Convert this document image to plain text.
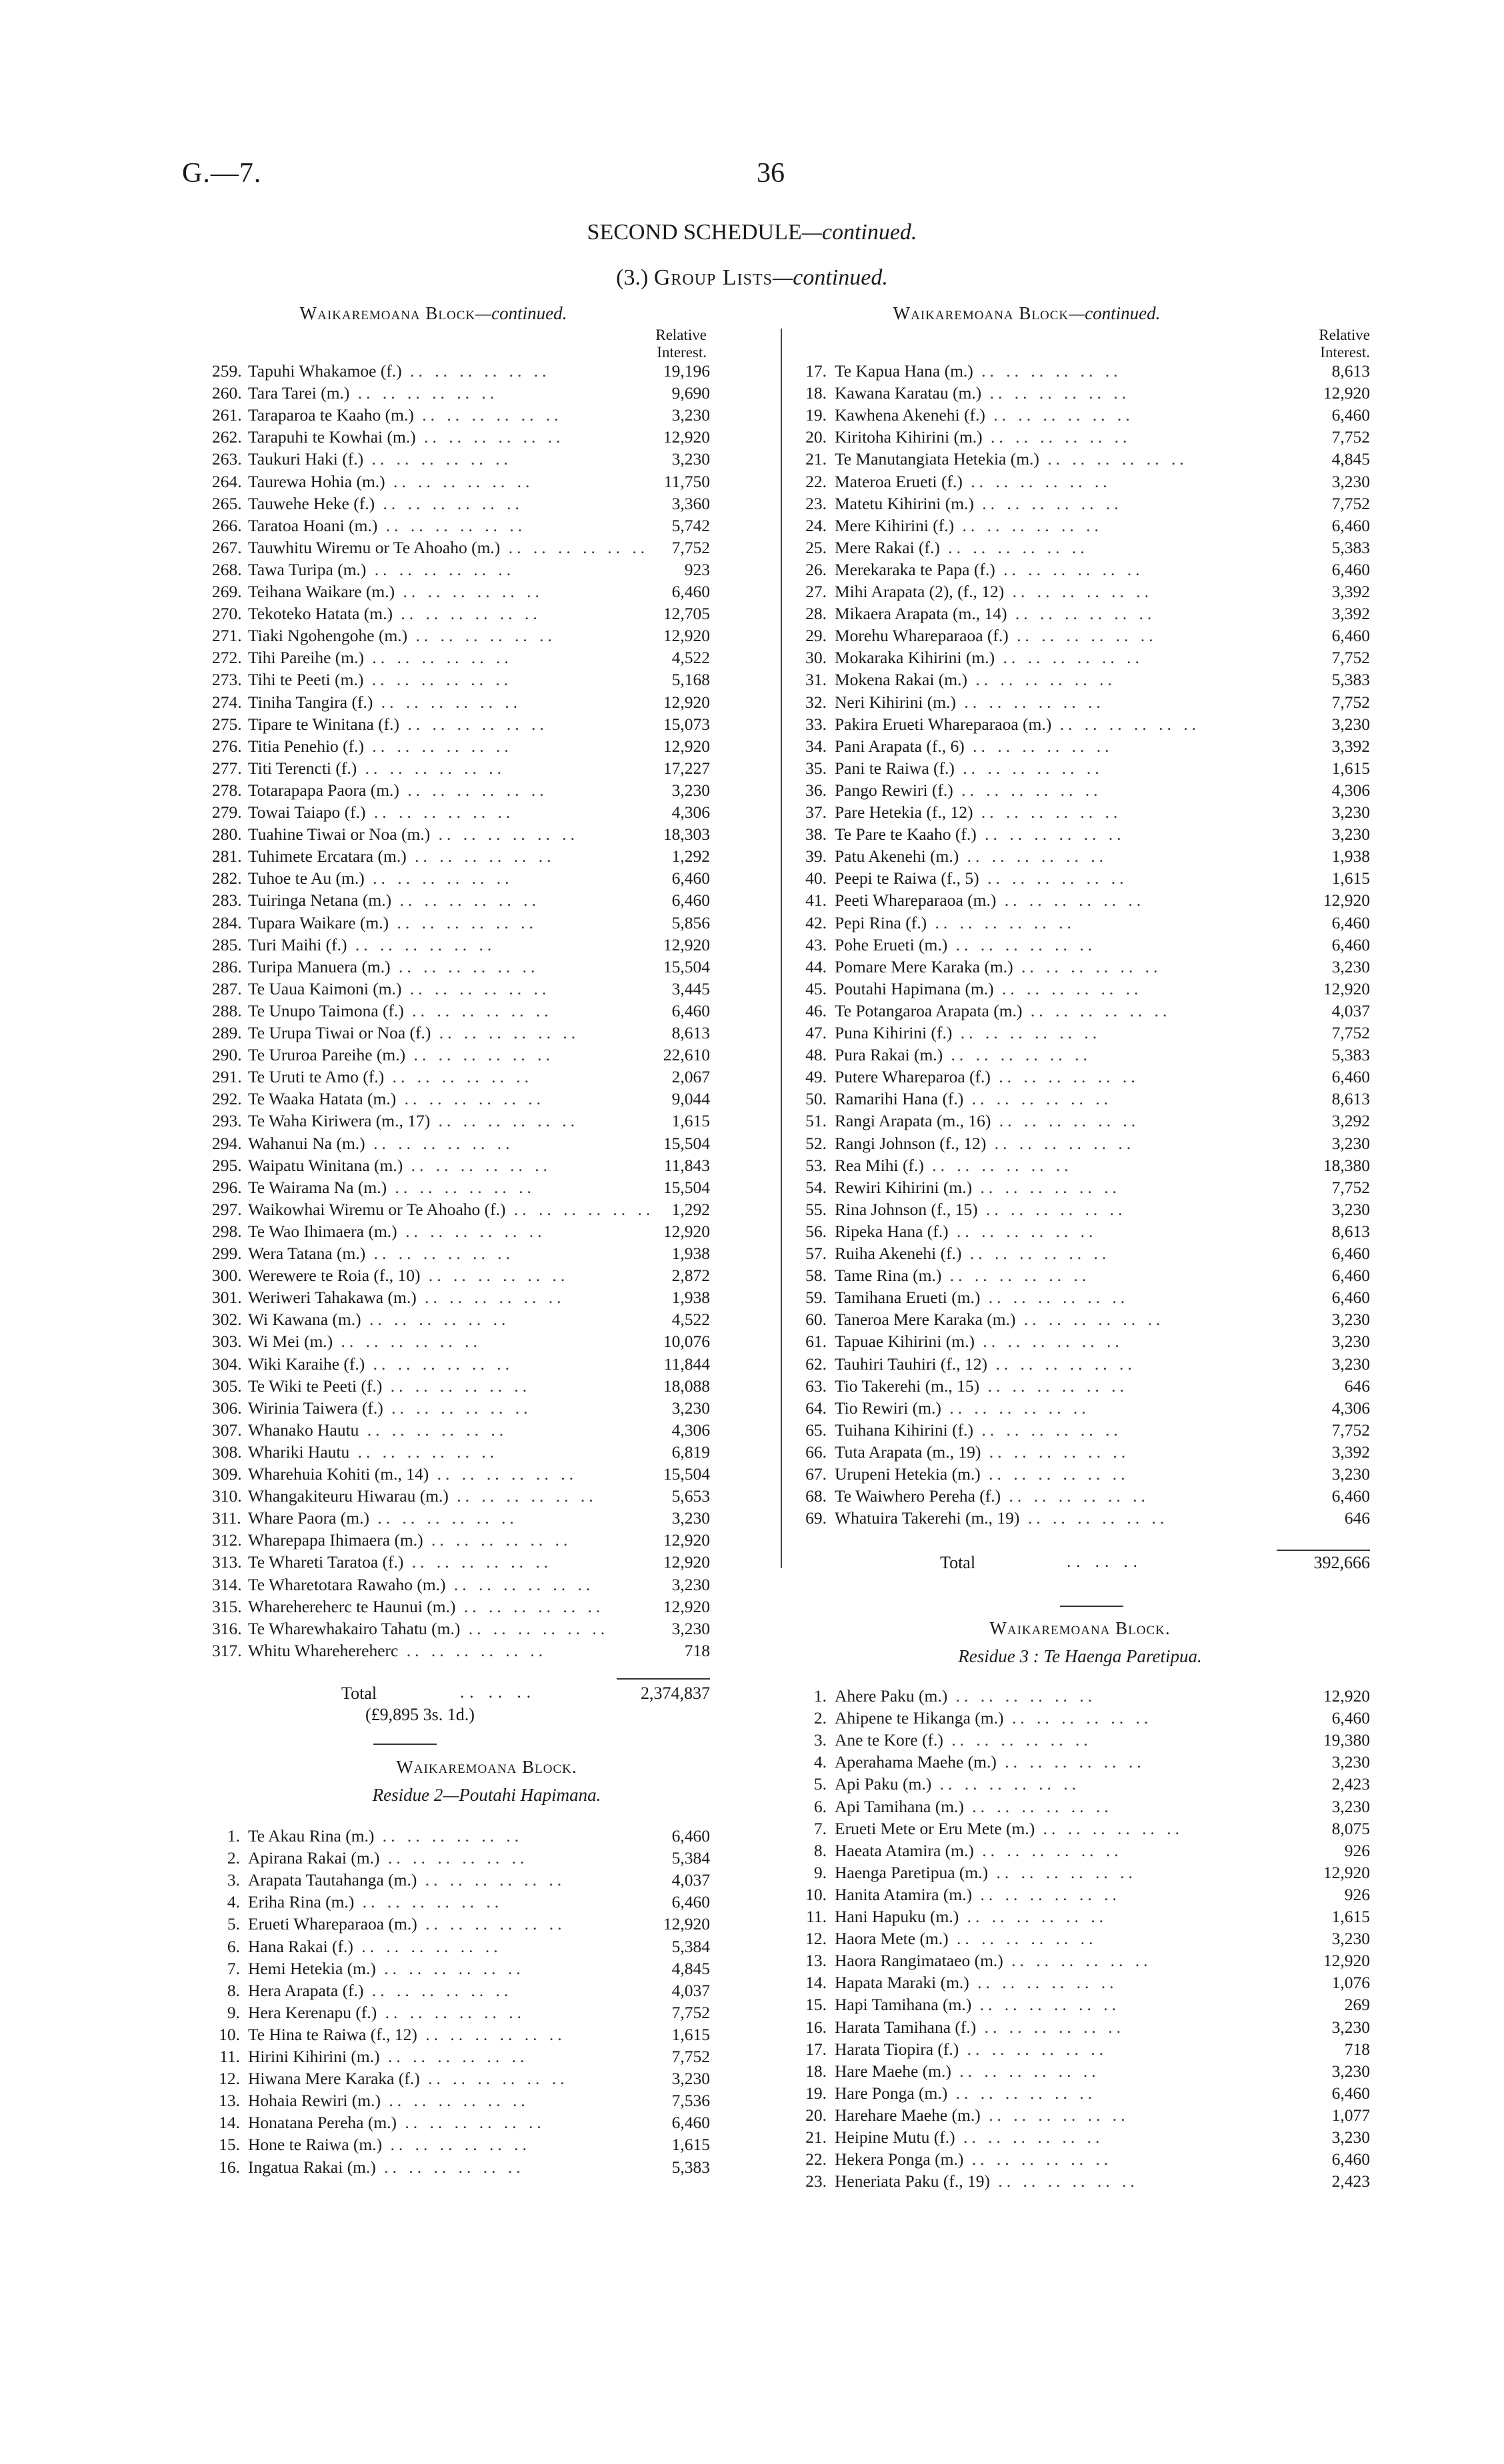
G.—7.	36
SECOND SCHEDULE—continued.
(3.) Group Lists—continued.
Waikaremoana Block—continued.
Relative
Interest.
Waikaremoana Block—continued.
Relative
Interest.
259. Tapuhi Whakamoe (f.) .. .. .. .. .. ..	19,196
260. Tara Tarei (m.) .. .. .. .. .. ..	9,690
261. Taraparoa te Kaaho (m.) .. .. .. .. .. ..	3,230
262. Tarapuhi te Kowhai (m.) .. .. .. .. .. ..	12,920
263. Taukuri Haki (f.) .. .. .. .. .. ..	3,230
264. Taurewa Hohia (m.) .. .. .. .. .. ..	11,750
265. Tauwehe Heke (f.) .. .. .. .. .. ..	3,360
266. Taratoa Hoani (m.) .. .. .. .. .. ..	5,742
267. Tauwhitu Wiremu or Te Ahoaho (m.) .. .. .. .. .. ..	7,752
268. Tawa Turipa (m.) .. .. .. .. .. ..	923
269. Teihana Waikare (m.) .. .. .. .. .. ..	6,460
270. Tekoteko Hatata (m.) .. .. .. .. .. ..	12,705
271. Tiaki Ngohengohe (m.) .. .. .. .. .. ..	12,920
272. Tihi Pareihe (m.) .. .. .. .. .. ..	4,522
273. Tihi te Peeti (m.) .. .. .. .. .. ..	5,168
274. Tiniha Tangira (f.) .. .. .. .. .. ..	12,920
275. Tipare te Winitana (f.) .. .. .. .. .. ..	15,073
276. Titia Penehio (f.) .. .. .. .. .. ..	12,920
277. Titi Terencti (f.) .. .. .. .. .. ..	17,227
278. Totarapapa Paora (m.) .. .. .. .. .. ..	3,230
279. Towai Taiapo (f.) .. .. .. .. .. ..	4,306
280. Tuahine Tiwai or Noa (m.) .. .. .. .. .. ..	18,303
281. Tuhimete Ercatara (m.) .. .. .. .. .. ..	1,292
282. Tuhoe te Au (m.) .. .. .. .. .. ..	6,460
283. Tuiringa Netana (m.) .. .. .. .. .. ..	6,460
284. Tupara Waikare (m.) .. .. .. .. .. ..	5,856
285. Turi Maihi (f.) .. .. .. .. .. ..	12,920
286. Turipa Manuera (m.) .. .. .. .. .. ..	15,504
287. Te Uaua Kaimoni (m.) .. .. .. .. .. ..	3,445
288. Te Unupo Taimona (f.) .. .. .. .. .. ..	6,460
289. Te Urupa Tiwai or Noa (f.) .. .. .. .. .. ..	8,613
290. Te Ururoa Pareihe (m.) .. .. .. .. .. ..	22,610
291. Te Uruti te Amo (f.) .. .. .. .. .. ..	2,067
292. Te Waaka Hatata (m.) .. .. .. .. .. ..	9,044
293. Te Waha Kiriwera (m., 17) .. .. .. .. .. ..	1,615
294. Wahanui Na (m.) .. .. .. .. .. ..	15,504
295. Waipatu Winitana (m.) .. .. .. .. .. ..	11,843
296. Te Wairama Na (m.) .. .. .. .. .. ..	15,504
297. Waikowhai Wiremu or Te Ahoaho (f.) .. .. .. .. .. ..	1,292
298. Te Wao Ihimaera (m.) .. .. .. .. .. ..	12,920
299. Wera Tatana (m.) .. .. .. .. .. ..	1,938
300. Werewere te Roia (f., 10) .. .. .. .. .. ..	2,872
301. Weriweri Tahakawa (m.) .. .. .. .. .. ..	1,938
302. Wi Kawana (m.) .. .. .. .. .. ..	4,522
303. Wi Mei (m.) .. .. .. .. .. ..	10,076
304. Wiki Karaihe (f.) .. .. .. .. .. ..	11,844
305. Te Wiki te Peeti (f.) .. .. .. .. .. ..	18,088
306. Wirinia Taiwera (f.) .. .. .. .. .. ..	3,230
307. Whanako Hautu .. .. .. .. .. ..	4,306
308. Whariki Hautu .. .. .. .. .. ..	6,819
309. Wharehuia Kohiti (m., 14) .. .. .. .. .. ..	15,504
310. Whangakiteuru Hiwarau (m.) .. .. .. .. .. ..	5,653
311. Whare Paora (m.) .. .. .. .. .. ..	3,230
312. Wharepapa Ihimaera (m.) .. .. .. .. .. ..	12,920
313. Te Whareti Taratoa (f.) .. .. .. .. .. ..	12,920
314. Te Wharetotara Rawaho (m.) .. .. .. .. .. ..	3,230
315. Wharehereherc te Haunui (m.) .. .. .. .. .. ..	12,920
316. Te Wharewhakairo Tahatu (m.) .. .. .. .. .. ..	3,230
317. Whitu Wharehereherc .. .. .. .. .. ..	718
1. Te Akau Rina (m.) .. .. .. .. .. ..	6,460
2. Apirana Rakai (m.) .. .. .. .. .. ..	5,384
3. Arapata Tautahanga (m.) .. .. .. .. .. ..	4,037
4. Eriha Rina (m.) .. .. .. .. .. ..	6,460
5. Erueti Whareparaoa (m.) .. .. .. .. .. ..	12,920
6. Hana Rakai (f.) .. .. .. .. .. ..	5,384
7. Hemi Hetekia (m.) .. .. .. .. .. ..	4,845
8. Hera Arapata (f.) .. .. .. .. .. ..	4,037
9. Hera Kerenapu (f.) .. .. .. .. .. ..	7,752
10. Te Hina te Raiwa (f., 12) .. .. .. .. .. ..	1,615
11. Hirini Kihirini (m.) .. .. .. .. .. ..	7,752
12. Hiwana Mere Karaka (f.) .. .. .. .. .. ..	3,230
13. Hohaia Rewiri (m.) .. .. .. .. .. ..	7,536
14. Honatana Pereha (m.) .. .. .. .. .. ..	6,460
15. Hone te Raiwa (m.) .. .. .. .. .. ..	1,615
16. Ingatua Rakai (m.) .. .. .. .. .. ..	5,383
17. Te Kapua Hana (m.) .. .. .. .. .. ..	8,613
18. Kawana Karatau (m.) .. .. .. .. .. ..	12,920
19. Kawhena Akenehi (f.) .. .. .. .. .. ..	6,460
20. Kiritoha Kihirini (m.) .. .. .. .. .. ..	7,752
21. Te Manutangiata Hetekia (m.) .. .. .. .. .. ..	4,845
22. Materoa Erueti (f.) .. .. .. .. .. ..	3,230
23. Matetu Kihirini (m.) .. .. .. .. .. ..	7,752
24. Mere Kihirini (f.) .. .. .. .. .. ..	6,460
25. Mere Rakai (f.) .. .. .. .. .. ..	5,383
26. Merekaraka te Papa (f.) .. .. .. .. .. ..	6,460
27. Mihi Arapata (2), (f., 12) .. .. .. .. .. ..	3,392
28. Mikaera Arapata (m., 14) .. .. .. .. .. ..	3,392
29. Morehu Whareparaoa (f.) .. .. .. .. .. ..	6,460
30. Mokaraka Kihirini (m.) .. .. .. .. .. ..	7,752
31. Mokena Rakai (m.) .. .. .. .. .. ..	5,383
32. Neri Kihirini (m.) .. .. .. .. .. ..	7,752
33. Pakira Erueti Whareparaoa (m.) .. .. .. .. .. ..	3,230
34. Pani Arapata (f., 6) .. .. .. .. .. ..	3,392
35. Pani te Raiwa (f.) .. .. .. .. .. ..	1,615
36. Pango Rewiri (f.) .. .. .. .. .. ..	4,306
37. Pare Hetekia (f., 12) .. .. .. .. .. ..	3,230
38. Te Pare te Kaaho (f.) .. .. .. .. .. ..	3,230
39. Patu Akenehi (m.) .. .. .. .. .. ..	1,938
40. Peepi te Raiwa (f., 5) .. .. .. .. .. ..	1,615
41. Peeti Whareparaoa (m.) .. .. .. .. .. ..	12,920
42. Pepi Rina (f.) .. .. .. .. .. ..	6,460
43. Pohe Erueti (m.) .. .. .. .. .. ..	6,460
44. Pomare Mere Karaka (m.) .. .. .. .. .. ..	3,230
45. Poutahi Hapimana (m.) .. .. .. .. .. ..	12,920
46. Te Potangaroa Arapata (m.) .. .. .. .. .. ..	4,037
47. Puna Kihirini (f.) .. .. .. .. .. ..	7,752
48. Pura Rakai (m.) .. .. .. .. .. ..	5,383
49. Putere Whareparoa (f.) .. .. .. .. .. ..	6,460
50. Ramarihi Hana (f.) .. .. .. .. .. ..	8,613
51. Rangi Arapata (m., 16) .. .. .. .. .. ..	3,292
52. Rangi Johnson (f., 12) .. .. .. .. .. ..	3,230
53. Rea Mihi (f.) .. .. .. .. .. ..	18,380
54. Rewiri Kihirini (m.) .. .. .. .. .. ..	7,752
55. Rina Johnson (f., 15) .. .. .. .. .. ..	3,230
56. Ripeka Hana (f.) .. .. .. .. .. ..	8,613
57. Ruiha Akenehi (f.) .. .. .. .. .. ..	6,460
58. Tame Rina (m.) .. .. .. .. .. ..	6,460
59. Tamihana Erueti (m.) .. .. .. .. .. ..	6,460
60. Taneroa Mere Karaka (m.) .. .. .. .. .. ..	3,230
61. Tapuae Kihirini (m.) .. .. .. .. .. ..	3,230
62. Tauhiri Tauhiri (f., 12) .. .. .. .. .. ..	3,230
63. Tio Takerehi (m., 15) .. .. .. .. .. ..	646
64. Tio Rewiri (m.) .. .. .. .. .. ..	4,306
65. Tuihana Kihirini (f.) .. .. .. .. .. ..	7,752
66. Tuta Arapata (m., 19) .. .. .. .. .. ..	3,392
67. Urupeni Hetekia (m.) .. .. .. .. .. ..	3,230
68. Te Waiwhero Pereha (f.) .. .. .. .. .. ..	6,460
69. Whatuira Takerehi (m., 19) .. .. .. .. .. ..	646
1. Ahere Paku (m.) .. .. .. .. .. ..	12,920
2. Ahipene te Hikanga (m.) .. .. .. .. .. ..	6,460
3. Ane te Kore (f.) .. .. .. .. .. ..	19,380
4. Aperahama Maehe (m.) .. .. .. .. .. ..	3,230
5. Api Paku (m.) .. .. .. .. .. ..	2,423
6. Api Tamihana (m.) .. .. .. .. .. ..	3,230
7. Erueti Mete or Eru Mete (m.) .. .. .. .. .. ..	8,075
8. Haeata Atamira (m.) .. .. .. .. .. ..	926
9. Haenga Paretipua (m.) .. .. .. .. .. ..	12,920
10. Hanita Atamira (m.) .. .. .. .. .. ..	926
11. Hani Hapuku (m.) .. .. .. .. .. ..	1,615
12. Haora Mete (m.) .. .. .. .. .. ..	3,230
13. Haora Rangimataeo (m.) .. .. .. .. .. ..	12,920
14. Hapata Maraki (m.) .. .. .. .. .. ..	1,076
15. Hapi Tamihana (m.) .. .. .. .. .. ..	269
16. Harata Tamihana (f.) .. .. .. .. .. ..	3,230
17. Harata Tiopira (f.) .. .. .. .. .. ..	718
18. Hare Maehe (m.) .. .. .. .. .. ..	3,230
19. Hare Ponga (m.) .. .. .. .. .. ..	6,460
20. Harehare Maehe (m.) .. .. .. .. .. ..	1,077
21. Heipine Mutu (f.) .. .. .. .. .. ..	3,230
22. Hekera Ponga (m.) .. .. .. .. .. ..	6,460
23. Heneriata Paku (f., 19) .. .. .. .. .. ..	2,423
Total	.. .. ..	2,374,837
(£9,895 3s. 1d.)
Waikaremoana Block.
Residue 2—Poutahi Hapimana.
Total	.. .. ..	392,666
Waikaremoana Block.
Residue 3 : Te Haenga Paretipua.
